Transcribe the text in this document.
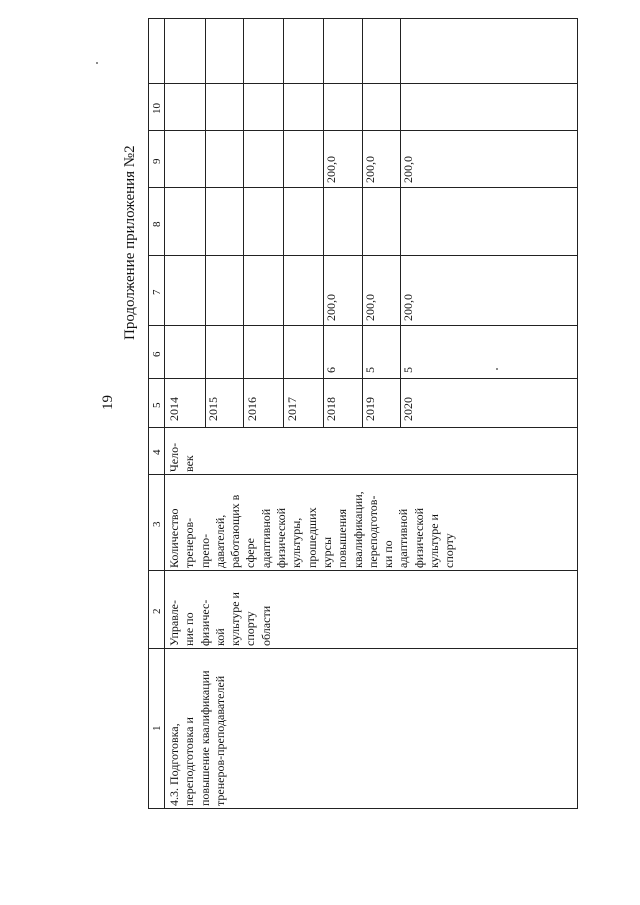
19
Продолжение приложения №2
1
2
3
4
5
6
7
8
9
10
4.3. Подготовка, переподготовка и повышение квалификации тренеров-преподавателей
Управле- ние по физичес- кой культуре и спорту области
Количество тренеров- препо- давателей, работающих в сфере адаптивной физической культуры, прошедших курсы повышения квалификации, переподготов- ки по адаптивной физической культуре и спорту
Чело- век
2014 2015 2016 2017 2018 2019 2020
6 5 5
200,0 200,0 200,0
200,0 200,0 200,0
